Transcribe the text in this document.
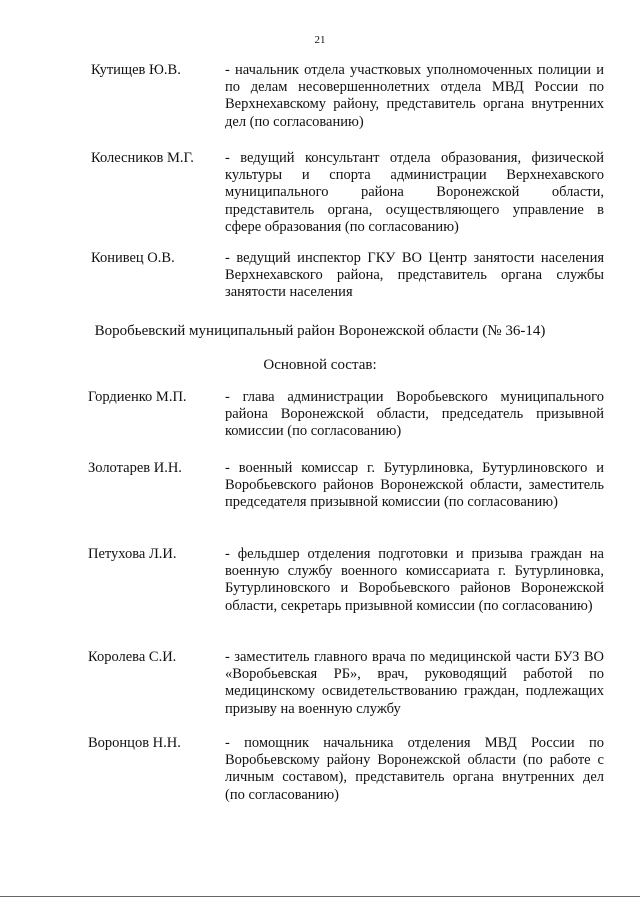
21
Кутищев Ю.В.	- начальник отдела участковых уполномоченных полиции и по делам несовершеннолетних отдела МВД России по Верхнехавскому району, представитель органа внутренних дел (по согласованию)
Колесников М.Г. - ведущий консультант отдела образования, физической культуры и спорта администрации Верхнехавского муниципального района Воронежской области, представитель органа, осуществляющего управление в сфере образования (по согласованию)
Конивец О.В.	- ведущий инспектор ГКУ ВО Центр занятости населения Верхнехавского района, представитель органа службы занятости населения
Воробьевский муниципальный район Воронежской области (№ 36-14)
Основной состав:
Гордиенко М.П.	- глава администрации Воробьевского муниципального района Воронежской области, председатель призывной комиссии (по согласованию)
Золотарев И.Н.	- военный комиссар г. Бутурлиновка, Бутурлиновского и Воробьевского районов Воронежской области, заместитель председателя призывной комиссии (по согласованию)
Петухова Л.И.	- фельдшер отделения подготовки и призыва граждан на военную службу военного комиссариата г. Бутурлиновка, Бутурлиновского и Воробьевского районов Воронежской области, секретарь призывной комиссии (по согласованию)
Королева С.И.	- заместитель главного врача по медицинской части БУЗ ВО «Воробьевская РБ», врач, руководящий работой по медицинскому освидетельствованию граждан, подлежащих призыву на военную службу
Воронцов Н.Н.	- помощник начальника отделения МВД России по Воробьевскому району Воронежской области (по работе с личным составом), представитель органа внутренних дел (по согласованию)
